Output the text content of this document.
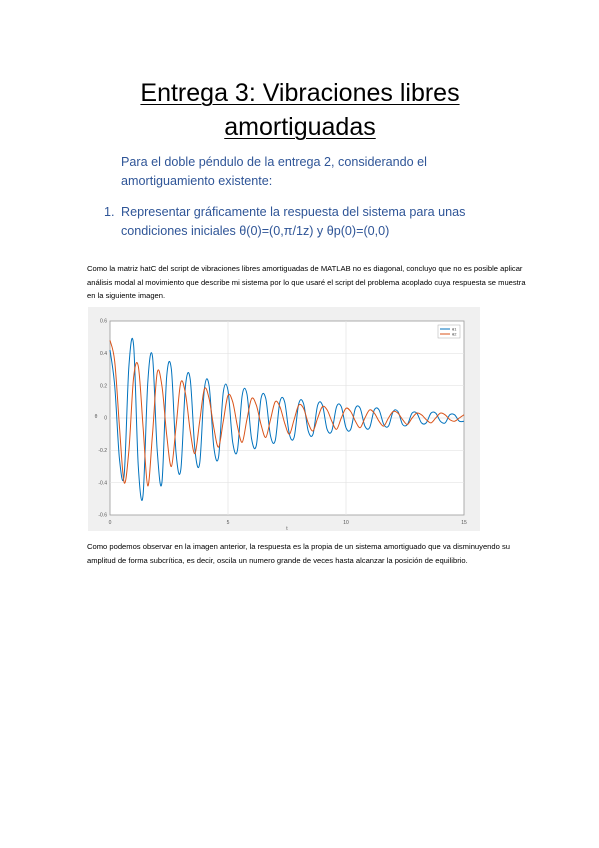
Entrega 3: Vibraciones libres
amortiguadas
Para el doble péndulo de la entrega 2, considerando el amortiguamiento existente:
1. Representar gráficamente la respuesta del sistema para unas condiciones iniciales θ(0)=(0,π/1z) y θp(0)=(0,0)
Como la matriz hatC del script de vibraciones libres amortiguadas de MATLAB no es diagonal, concluyo que no es posible aplicar análisis modal al movimiento que describe mi sistema por lo que usaré el script del problema acoplado cuya respuesta se muestra en la siguiente imagen.
0	5	10	15
0.6
0.4
0.2
0
-0.2
-0.4
-0.6
t
θ
θ1
θ2
Como podemos observar en la imagen anterior, la respuesta es la propia de un sistema amortiguado que va disminuyendo su amplitud de forma subcrítica, es decir, oscila un numero grande de veces hasta alcanzar la posición de equilibrio.
